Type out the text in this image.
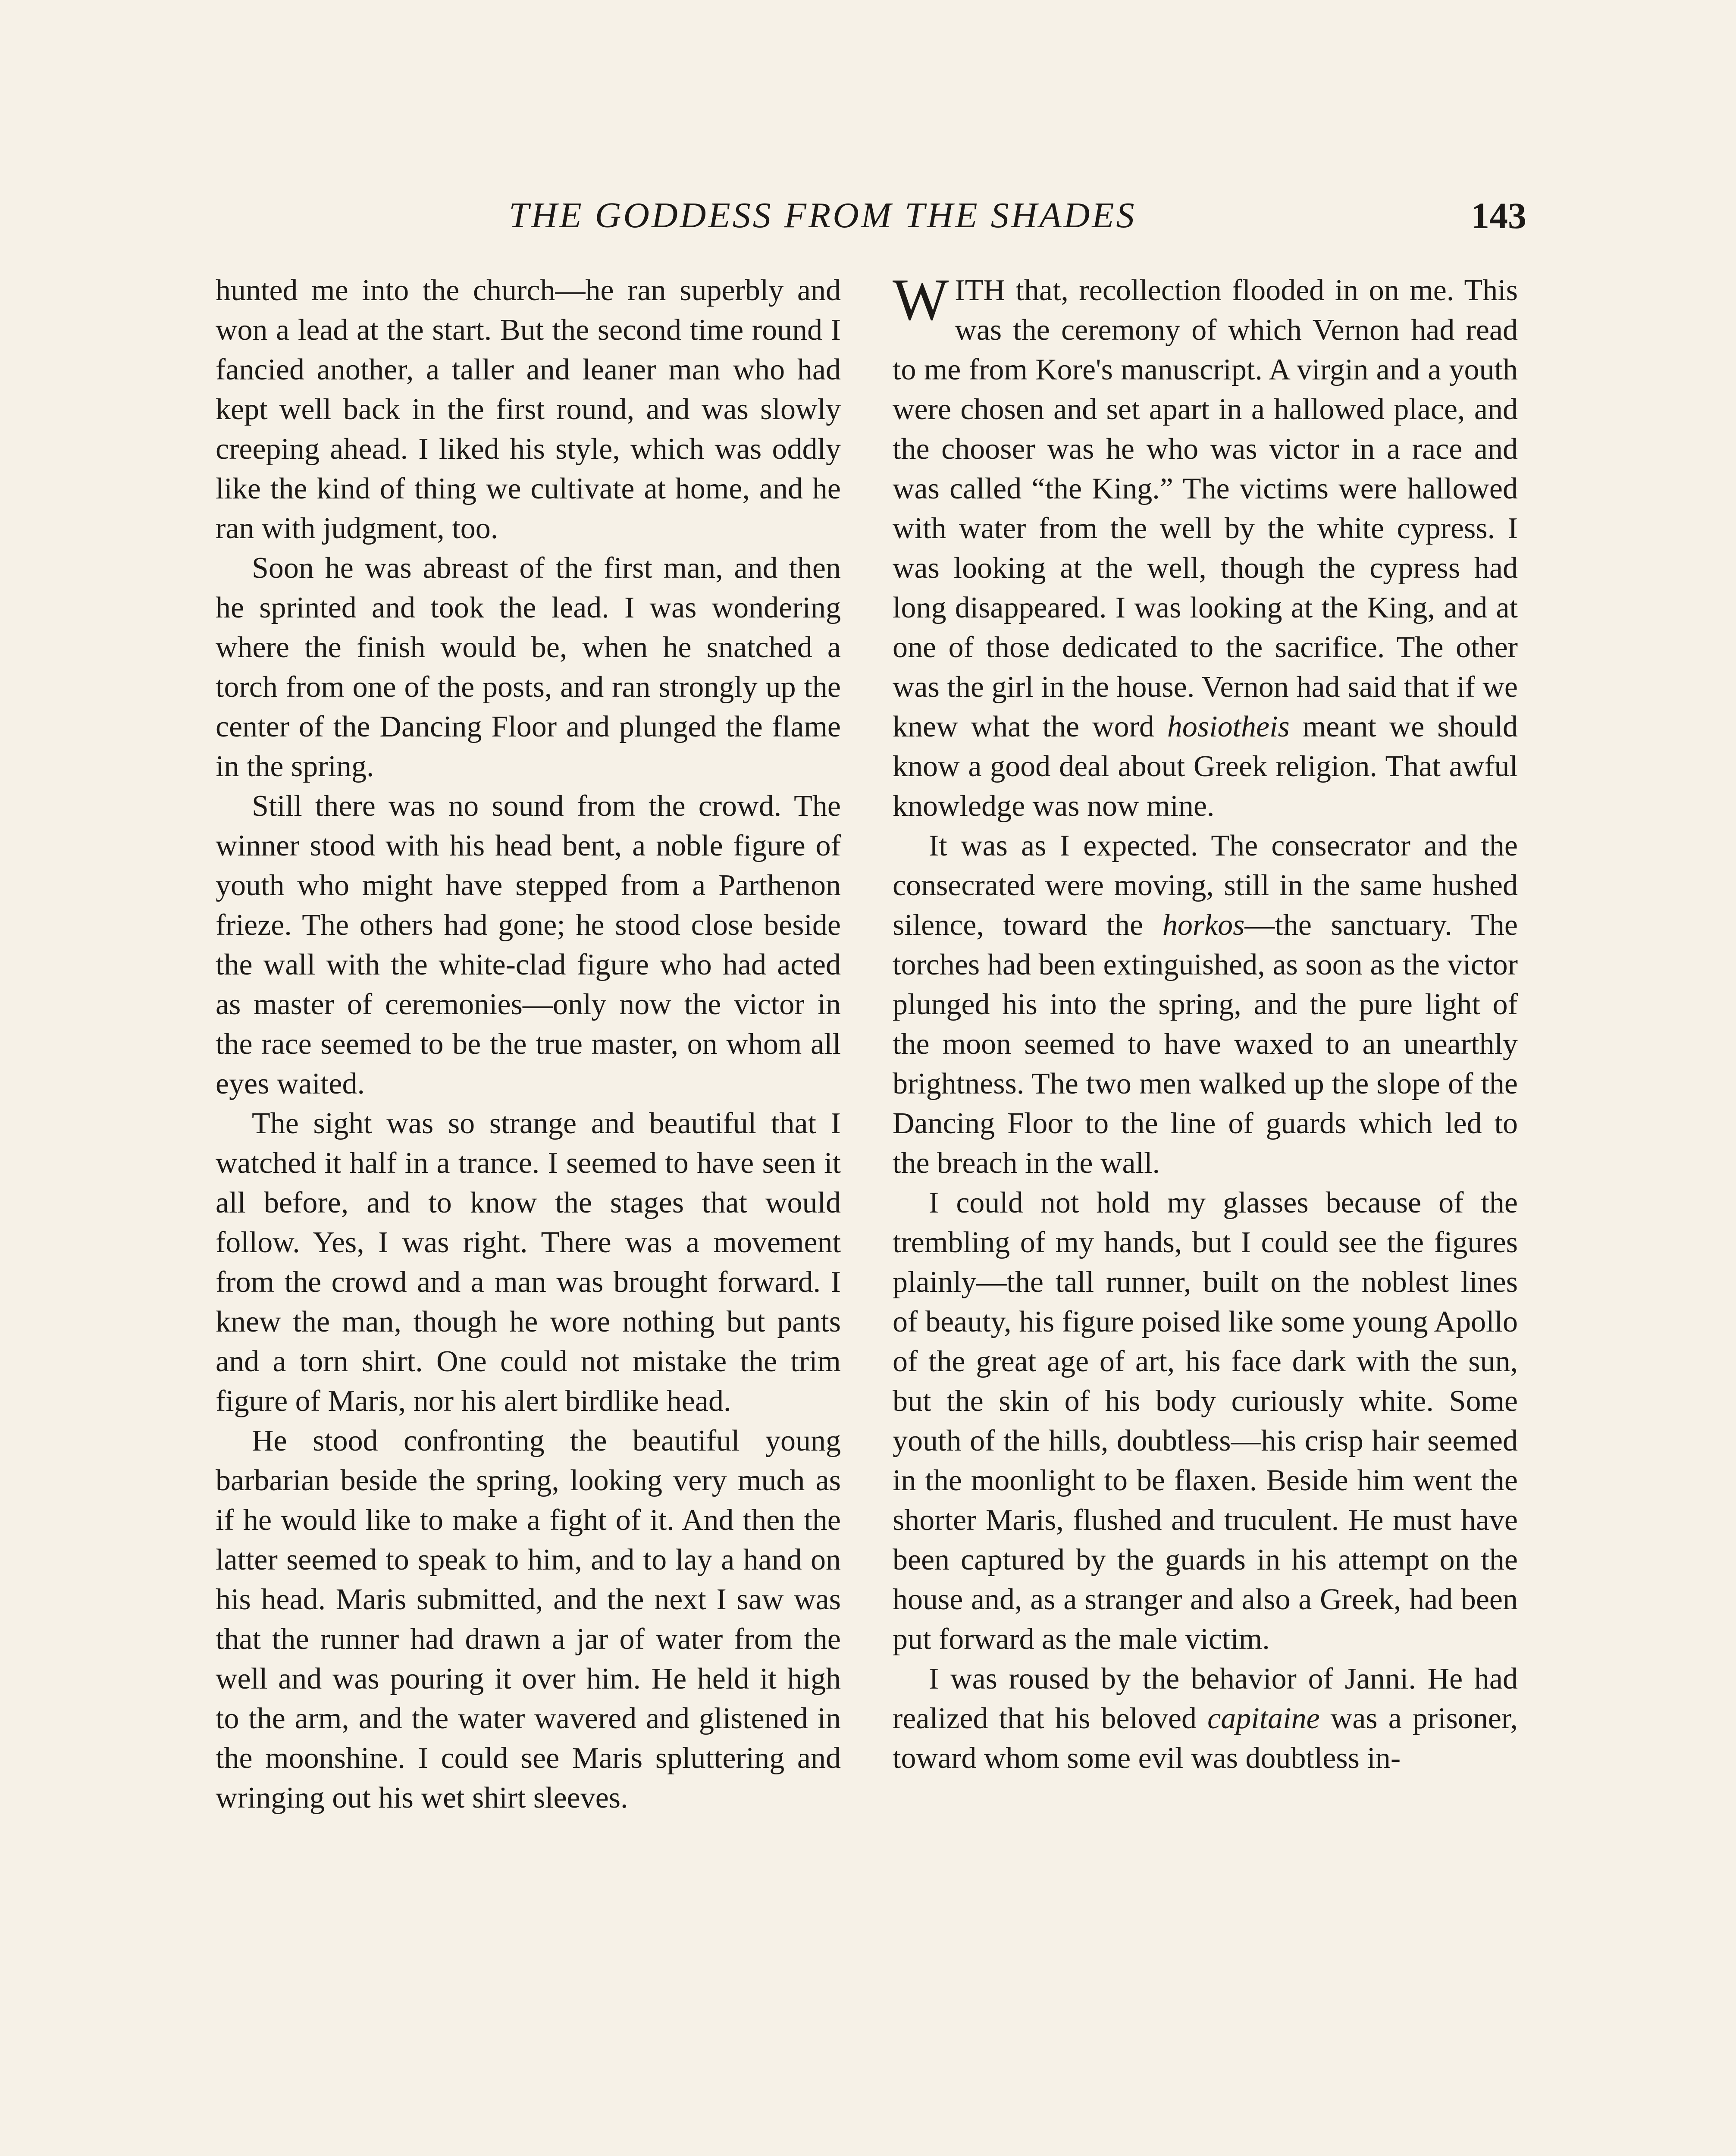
THE GODDESS FROM THE SHADES	143

hunted me into the church—he ran superbly and won a lead at the start. But the second time round I fancied another, a taller and leaner man who had kept well back in the first round, and was slowly creeping ahead. I liked his style, which was oddly like the kind of thing we cultivate at home, and he ran with judgment, too.

Soon he was abreast of the first man, and then he sprinted and took the lead. I was wondering where the finish would be, when he snatched a torch from one of the posts, and ran strongly up the center of the Dancing Floor and plunged the flame in the spring.

Still there was no sound from the crowd. The winner stood with his head bent, a noble figure of youth who might have stepped from a Parthenon frieze. The others had gone; he stood close beside the wall with the white-clad figure who had acted as master of ceremonies—only now the victor in the race seemed to be the true master, on whom all eyes waited.

The sight was so strange and beautiful that I watched it half in a trance. I seemed to have seen it all before, and to know the stages that would follow. Yes, I was right. There was a movement from the crowd and a man was brought forward. I knew the man, though he wore nothing but pants and a torn shirt. One could not mistake the trim figure of Maris, nor his alert birdlike head.

He stood confronting the beautiful young barbarian beside the spring, looking very much as if he would like to make a fight of it. And then the latter seemed to speak to him, and to lay a hand on his head. Maris submitted, and the next I saw was that the runner had drawn a jar of water from the well and was pouring it over him. He held it high to the arm, and the water wavered and glistened in the moonshine. I could see Maris spluttering and wringing out his wet shirt sleeves.

WITH that, recollection flooded in on me. This was the ceremony of which Vernon had read to me from Kore's manuscript. A virgin and a youth were chosen and set apart in a hallowed place, and the chooser was he who was victor in a race and was called “the King.” The victims were hallowed with water from the well by the white cypress. I was looking at the well, though the cypress had long disappeared. I was looking at the King, and at one of those dedicated to the sacrifice. The other was the girl in the house. Vernon had said that if we knew what the word hosiotheis meant we should know a good deal about Greek religion. That awful knowledge was now mine.

It was as I expected. The consecrator and the consecrated were moving, still in the same hushed silence, toward the horkos—the sanctuary. The torches had been extinguished, as soon as the victor plunged his into the spring, and the pure light of the moon seemed to have waxed to an unearthly brightness. The two men walked up the slope of the Dancing Floor to the line of guards which led to the breach in the wall.

I could not hold my glasses because of the trembling of my hands, but I could see the figures plainly—the tall runner, built on the noblest lines of beauty, his figure poised like some young Apollo of the great age of art, his face dark with the sun, but the skin of his body curiously white. Some youth of the hills, doubtless—his crisp hair seemed in the moonlight to be flaxen. Beside him went the shorter Maris, flushed and truculent. He must have been captured by the guards in his attempt on the house and, as a stranger and also a Greek, had been put forward as the male victim.

I was roused by the behavior of Janni. He had realized that his beloved capitaine was a prisoner, toward whom some evil was doubtless in-
